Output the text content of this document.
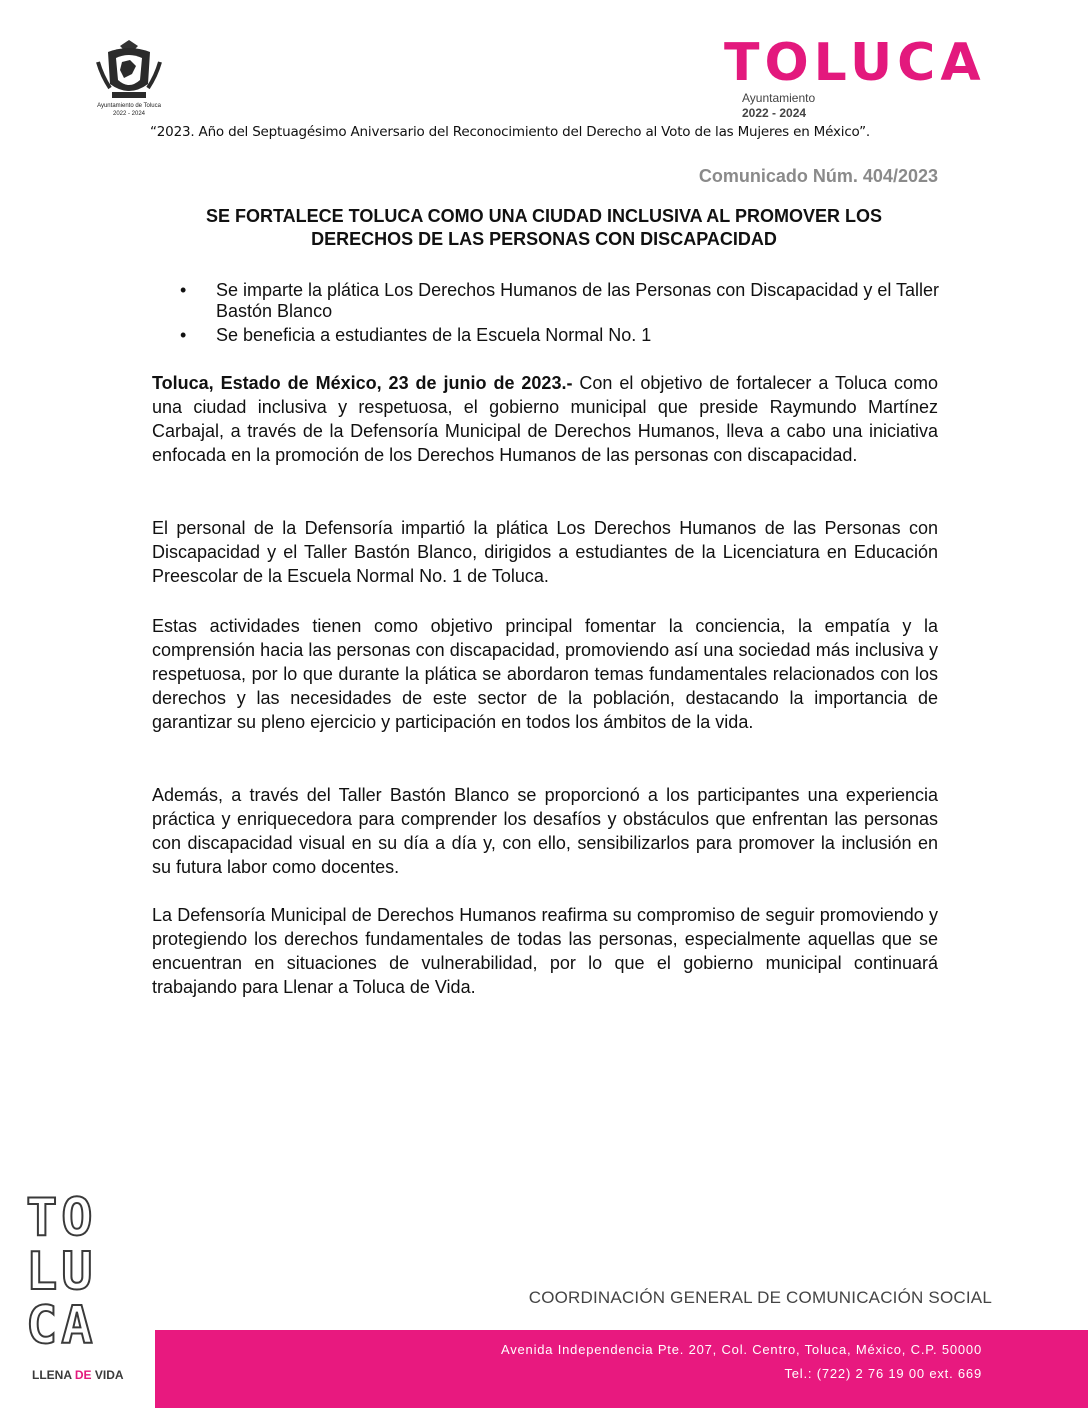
Ayuntamiento de Toluca
2022 - 2024
TOLUCA
Ayuntamiento
2022 - 2024
“2023. Año del Septuagésimo Aniversario del Reconocimiento del Derecho al Voto de las Mujeres en México”.
Comunicado Núm. 404/2023
SE FORTALECE TOLUCA COMO UNA CIUDAD INCLUSIVA AL PROMOVER LOS
DERECHOS DE LAS PERSONAS CON DISCAPACIDAD
• Se imparte la plática Los Derechos Humanos de las Personas con Discapacidad y el Taller Bastón Blanco
• Se beneficia a estudiantes de la Escuela Normal No. 1

Toluca, Estado de México, 23 de junio de 2023.- Con el objetivo de fortalecer a Toluca como una ciudad inclusiva y respetuosa, el gobierno municipal que preside Raymundo Martínez Carbajal, a través de la Defensoría Municipal de Derechos Humanos, lleva a cabo una iniciativa enfocada en la promoción de los Derechos Humanos de las personas con discapacidad.

El personal de la Defensoría impartió la plática Los Derechos Humanos de las Personas con Discapacidad y el Taller Bastón Blanco, dirigidos a estudiantes de la Licenciatura en Educación Preescolar de la Escuela Normal No. 1 de Toluca.

Estas actividades tienen como objetivo principal fomentar la conciencia, la empatía y la comprensión hacia las personas con discapacidad, promoviendo así una sociedad más inclusiva y respetuosa, por lo que durante la plática se abordaron temas fundamentales relacionados con los derechos y las necesidades de este sector de la población, destacando la importancia de garantizar su pleno ejercicio y participación en todos los ámbitos de la vida.

Además, a través del Taller Bastón Blanco se proporcionó a los participantes una experiencia práctica y enriquecedora para comprender los desafíos y obstáculos que enfrentan las personas con discapacidad visual en su día a día y, con ello, sensibilizarlos para promover la inclusión en su futura labor como docentes.

La Defensoría Municipal de Derechos Humanos reafirma su compromiso de seguir promoviendo y protegiendo los derechos fundamentales de todas las personas, especialmente aquellas que se encuentran en situaciones de vulnerabilidad, por lo que el gobierno municipal continuará trabajando para Llenar a Toluca de Vida.

TO
LU
CA
LLENA DE VIDA
COORDINACIÓN GENERAL DE COMUNICACIÓN SOCIAL
Avenida Independencia Pte. 207, Col. Centro, Toluca, México, C.P. 50000
Tel.: (722) 2 76 19 00 ext. 669
